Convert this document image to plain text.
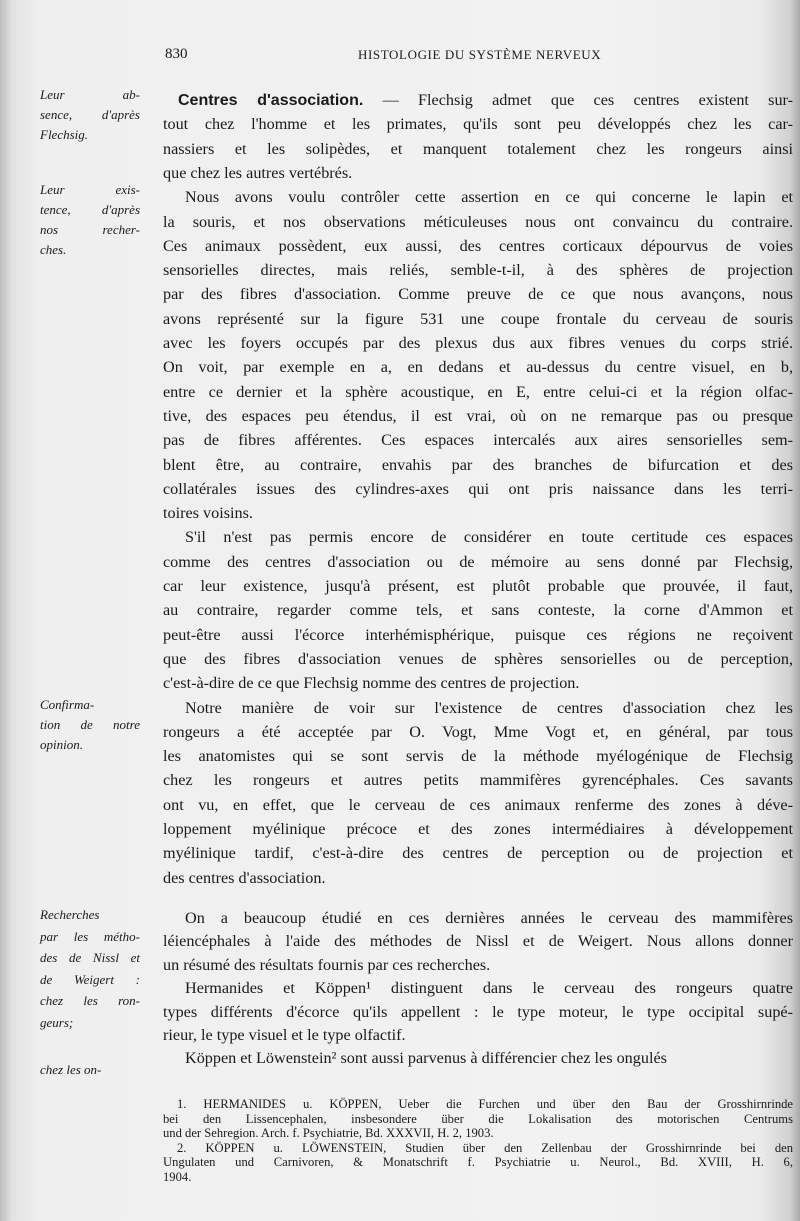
830	HISTOLOGIE DU SYSTÈME NERVEUX
Centres d'association. — Flechsig admet que ces centres existent sur-
tout chez l'homme et les primates, qu'ils sont peu développés chez les car-
nassiers et les solipèdes, et manquent totalement chez les rongeurs ainsi
que chez les autres vertébrés.
Nous avons voulu contrôler cette assertion en ce qui concerne le lapin et
la souris, et nos observations méticuleuses nous ont convaincu du contraire.
Ces animaux possèdent, eux aussi, des centres corticaux dépourvus de voies
sensorielles directes, mais reliés, semble-t-il, à des sphères de projection
par des fibres d'association. Comme preuve de ce que nous avançons, nous
avons représenté sur la figure 531 une coupe frontale du cerveau de souris
avec les foyers occupés par des plexus dus aux fibres venues du corps strié.
On voit, par exemple en a, en dedans et au-dessus du centre visuel, en b,
entre ce dernier et la sphère acoustique, en E, entre celui-ci et la région olfac-
tive, des espaces peu étendus, il est vrai, où on ne remarque pas ou presque
pas de fibres afférentes. Ces espaces intercalés aux aires sensorielles sem-
blent être, au contraire, envahis par des branches de bifurcation et des
collatérales issues des cylindres-axes qui ont pris naissance dans les terri-
toires voisins.
S'il n'est pas permis encore de considérer en toute certitude ces espaces
comme des centres d'association ou de mémoire au sens donné par Flechsig,
car leur existence, jusqu'à présent, est plutôt probable que prouvée, il faut,
au contraire, regarder comme tels, et sans conteste, la corne d'Ammon et
peut-être aussi l'écorce interhémisphérique, puisque ces régions ne reçoivent
que des fibres d'association venues de sphères sensorielles ou de perception,
c'est-à-dire de ce que Flechsig nomme des centres de projection.
Notre manière de voir sur l'existence de centres d'association chez les
rongeurs a été acceptée par O. Vogt, Mme Vogt et, en général, par tous
les anatomistes qui se sont servis de la méthode myélogénique de Flechsig
chez les rongeurs et autres petits mammifères gyrencéphales. Ces savants
ont vu, en effet, que le cerveau de ces animaux renferme des zones à déve-
loppement myélinique précoce et des zones intermédiaires à développement
myélinique tardif, c'est-à-dire des centres de perception ou de projection et
des centres d'association.
On a beaucoup étudié en ces dernières années le cerveau des mammifères
léiencéphales à l'aide des méthodes de Nissl et de Weigert. Nous allons donner
un résumé des résultats fournis par ces recherches.
Hermanides et Köppen¹ distinguent dans le cerveau des rongeurs quatre
types différents d'écorce qu'ils appellent : le type moteur, le type occipital supé-
rieur, le type visuel et le type olfactif.
Köppen et Löwenstein² sont aussi parvenus à différencier chez les ongulés
Leur ab-
sence, d'après
Flechsig.
Leur exis-
tence, d'après
nos recher-
ches.
Confirma-
tion de notre
opinion.
Recherches
par les métho-
des de Nissl et
de Weigert :
chez les ron-
geurs;
chez les on-
1. HERMANIDES u. KÖPPEN, Ueber die Furchen und über den Bau der Grosshirnrinde
bei den Lissencephalen, insbesondere über die Lokalisation des motorischen Centrums
und der Sehregion. Arch. f. Psychiatrie, Bd. XXXVII, H. 2, 1903.
2. KÖPPEN u. LÖWENSTEIN, Studien über den Zellenbau der Grosshirnrinde bei den
Ungulaten und Carnivoren, & Monatschrift f. Psychiatrie u. Neurol., Bd. XVIII, H. 6,
1904.
